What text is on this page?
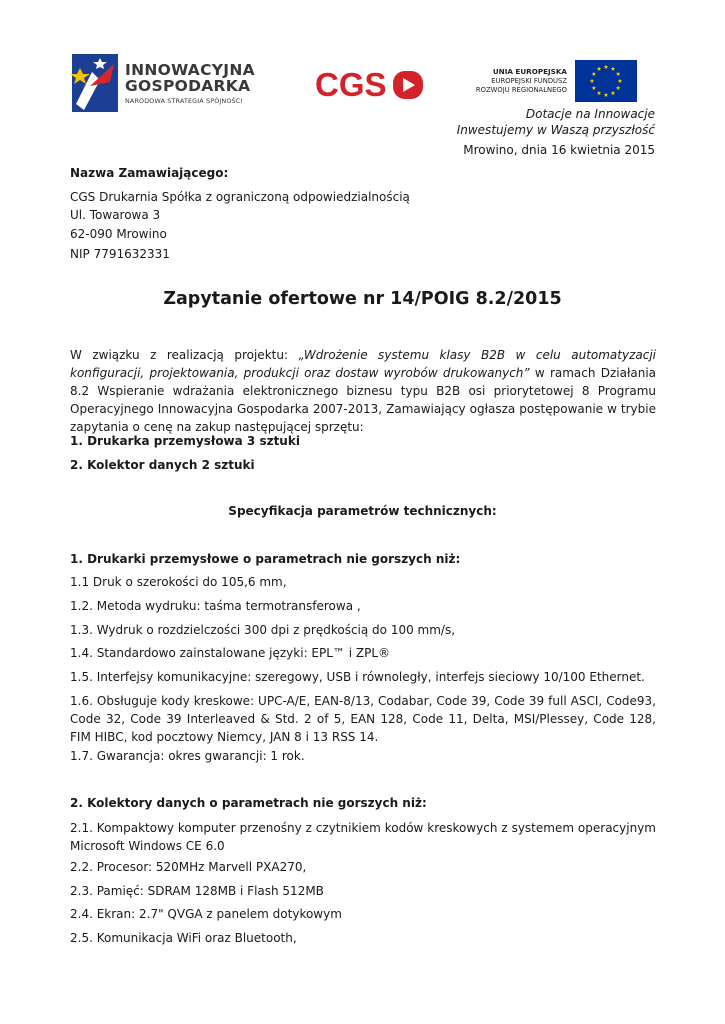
INNOWACYJNA
GOSPODARKA
NARODOWA STRATEGIA SPÓJNOŚCI	CGS	UNIA EUROPEJSKA
EUROPEJSKI FUNDUSZ
ROZWOJU REGIONALNEGO
Dotacje na Innowacje
Inwestujemy w Waszą przyszłość
Mrowino, dnia 16 kwietnia 2015
Nazwa Zamawiającego:
CGS Drukarnia Spółka z ograniczoną odpowiedzialnością
Ul. Towarowa 3
62-090 Mrowino
NIP 7791632331
Zapytanie ofertowe nr 14/POIG 8.2/2015
W związku z realizacją projektu: „Wdrożenie systemu klasy B2B w celu automatyzacji konfiguracji, projektowania, produkcji oraz dostaw wyrobów drukowanych” w ramach Działania 8.2 Wspieranie wdrażania elektronicznego biznesu typu B2B osi priorytetowej 8 Programu Operacyjnego Innowacyjna Gospodarka 2007-2013, Zamawiający ogłasza postępowanie w trybie zapytania o cenę na zakup następującej sprzętu:
1. Drukarka przemysłowa 3 sztuki
2. Kolektor danych 2 sztuki
Specyfikacja parametrów technicznych:
1. Drukarki przemysłowe o parametrach nie gorszych niż:
1.1 Druk o szerokości do 105,6 mm,
1.2. Metoda wydruku: taśma termotransferowa ,
1.3. Wydruk o rozdzielczości 300 dpi z prędkością do 100 mm/s,
1.4. Standardowo zainstalowane języki: EPL™ i ZPL®
1.5. Interfejsy komunikacyjne: szeregowy, USB i równoległy, interfejs sieciowy 10/100 Ethernet.
1.6. Obsługuje kody kreskowe: UPC-A/E, EAN-8/13, Codabar, Code 39, Code 39 full ASCI, Code93, Code 32, Code 39 Interleaved & Std. 2 of 5, EAN 128, Code 11, Delta, MSI/Plessey, Code 128, FIM HIBC, kod pocztowy Niemcy, JAN 8 i 13 RSS 14.
1.7. Gwarancja: okres gwarancji: 1 rok.
2. Kolektory danych o parametrach nie gorszych niż:
2.1. Kompaktowy komputer przenośny z czytnikiem kodów kreskowych z systemem operacyjnym Microsoft Windows CE 6.0
2.2. Procesor: 520MHz Marvell PXA270,
2.3. Pamięć: SDRAM 128MB i Flash 512MB
2.4. Ekran: 2.7" QVGA z panelem dotykowym
2.5. Komunikacja WiFi oraz Bluetooth,
